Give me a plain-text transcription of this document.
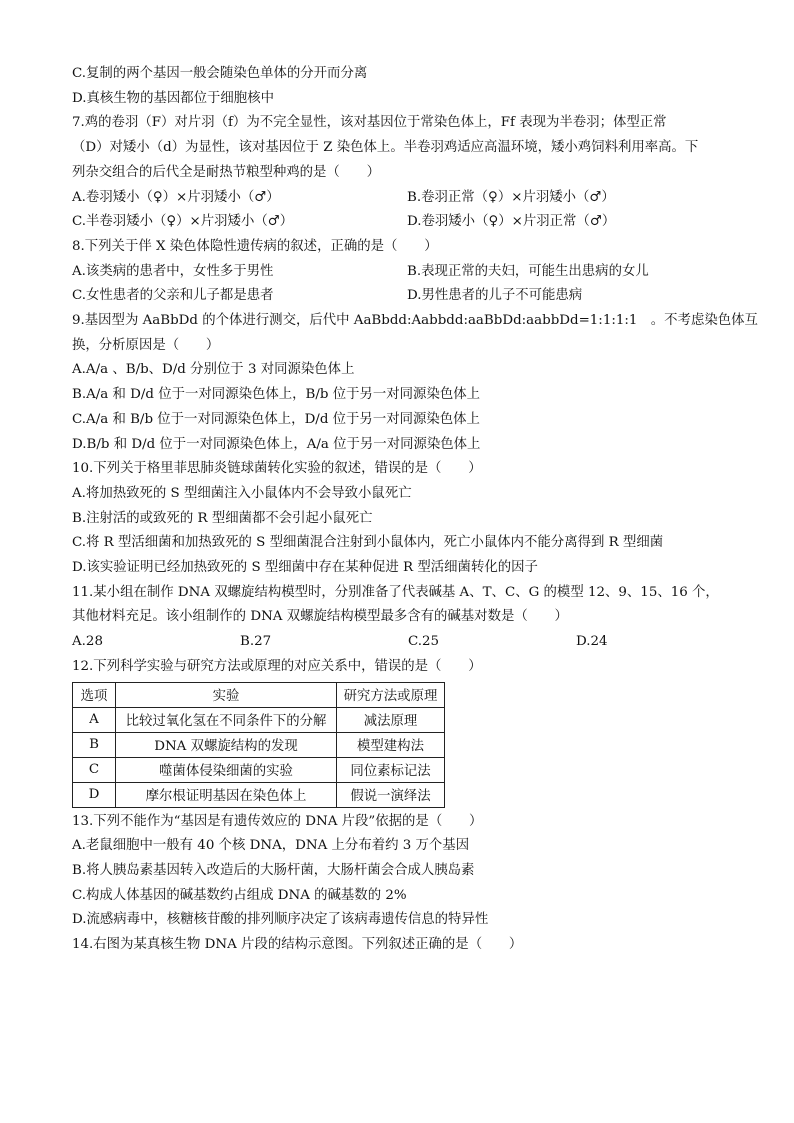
C.复制的两个基因一般会随染色单体的分开而分离
D.真核生物的基因都位于细胞核中
7.鸡的卷羽（F）对片羽（f）为不完全显性，该对基因位于常染色体上，Ff 表现为半卷羽；体型正常
（D）对矮小（d）为显性，该对基因位于 Z 染色体上。半卷羽鸡适应高温环境，矮小鸡饲料利用率高。下
列杂交组合的后代全是耐热节粮型种鸡的是（　　）
A.卷羽矮小（♀）×片羽矮小（♂）	B.卷羽正常（♀）×片羽矮小（♂）
C.半卷羽矮小（♀）×片羽矮小（♂）	D.卷羽矮小（♀）×片羽正常（♂）
8.下列关于伴 X 染色体隐性遗传病的叙述，正确的是（　　）
A.该类病的患者中，女性多于男性	B.表现正常的夫妇，可能生出患病的女儿
C.女性患者的父亲和儿子都是患者	D.男性患者的儿子不可能患病
9.基因型为 AaBbDd 的个体进行测交，后代中 AaBbdd:Aabbdd:aaBbDd:aabbDd=1:1:1:1　。不考虑染色体互
换，分析原因是（　　）
A.A/a 、B/b、D/d 分别位于 3 对同源染色体上
B.A/a 和 D/d 位于一对同源染色体上，B/b 位于另一对同源染色体上
C.A/a 和 B/b 位于一对同源染色体上，D/d 位于另一对同源染色体上
D.B/b 和 D/d 位于一对同源染色体上，A/a 位于另一对同源染色体上
10.下列关于格里菲思肺炎链球菌转化实验的叙述，错误的是（　　）
A.将加热致死的 S 型细菌注入小鼠体内不会导致小鼠死亡
B.注射活的或致死的 R 型细菌都不会引起小鼠死亡
C.将 R 型活细菌和加热致死的 S 型细菌混合注射到小鼠体内，死亡小鼠体内不能分离得到 R 型细菌
D.该实验证明已经加热致死的 S 型细菌中存在某种促进 R 型活细菌转化的因子
11.某小组在制作 DNA 双螺旋结构模型时，分别准备了代表碱基 A、T、C、G 的模型 12、9、15、16 个，
其他材料充足。该小组制作的 DNA 双螺旋结构模型最多含有的碱基对数是（　　）
A.28	B.27	C.25	D.24
12.下列科学实验与研究方法或原理的对应关系中，错误的是（　　）
选项	实验	研究方法或原理
A	比较过氧化氢在不同条件下的分解	减法原理
B	DNA 双螺旋结构的发现	模型建构法
C	噬菌体侵染细菌的实验	同位素标记法
D	摩尔根证明基因在染色体上	假说一演绎法
13.下列不能作为“基因是有遗传效应的 DNA 片段”依据的是（　　）
A.老鼠细胞中一般有 40 个核 DNA，DNA 上分布着约 3 万个基因
B.将人胰岛素基因转入改造后的大肠杆菌，大肠杆菌会合成人胰岛素
C.构成人体基因的碱基数约占组成 DNA 的碱基数的 2%
D.流感病毒中，核糖核苷酸的排列顺序决定了该病毒遗传信息的特异性
14.右图为某真核生物 DNA 片段的结构示意图。下列叙述正确的是（　　）
